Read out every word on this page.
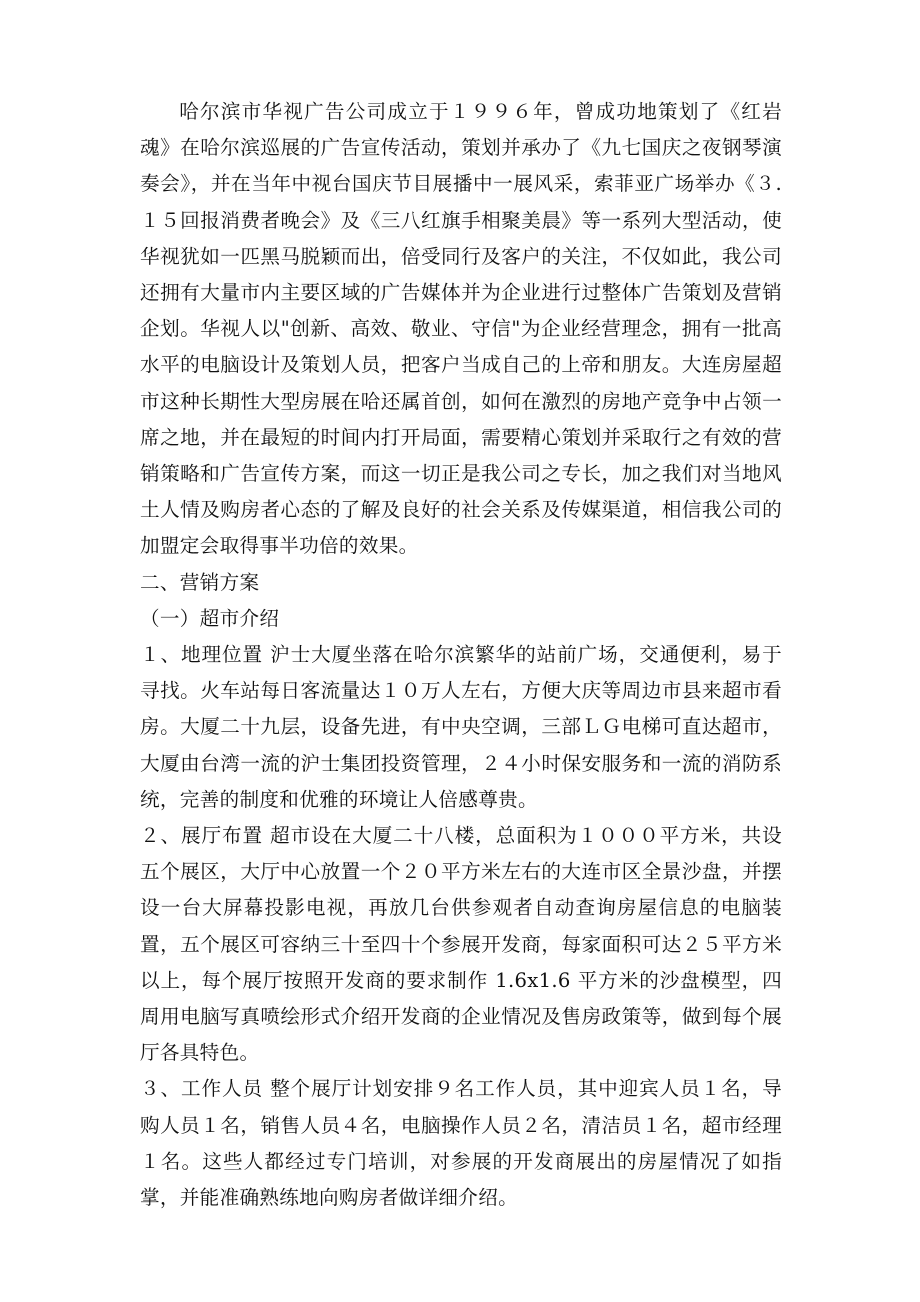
哈尔滨市华视广告公司成立于１９９６年，曾成功地策划了《红岩魂》在哈尔滨巡展的广告宣传活动，策划并承办了《九七国庆之夜钢琴演奏会》，并在当年中视台国庆节目展播中一展风采，索菲亚广场举办《３.１５回报消费者晚会》及《三八红旗手相聚美晨》等一系列大型活动，使华视犹如一匹黑马脱颖而出，倍受同行及客户的关注，不仅如此，我公司还拥有大量市内主要区域的广告媒体并为企业进行过整体广告策划及营销企划。华视人以"创新、高效、敬业、守信"为企业经营理念，拥有一批高水平的电脑设计及策划人员，把客户当成自己的上帝和朋友。大连房屋超市这种长期性大型房展在哈还属首创，如何在激烈的房地产竞争中占领一席之地，并在最短的时间内打开局面，需要精心策划并采取行之有效的营销策略和广告宣传方案，而这一切正是我公司之专长，加之我们对当地风土人情及购房者心态的了解及良好的社会关系及传媒渠道，相信我公司的加盟定会取得事半功倍的效果。

二、营销方案

（一）超市介绍

１、地理位置 沪士大厦坐落在哈尔滨繁华的站前广场，交通便利，易于寻找。火车站每日客流量达１０万人左右，方便大庆等周边市县来超市看房。大厦二十九层，设备先进，有中央空调，三部ＬＧ电梯可直达超市，大厦由台湾一流的沪士集团投资管理，２４小时保安服务和一流的消防系统，完善的制度和优雅的环境让人倍感尊贵。

２、展厅布置 超市设在大厦二十八楼，总面积为１０００平方米，共设五个展区，大厅中心放置一个２０平方米左右的大连市区全景沙盘，并摆设一台大屏幕投影电视，再放几台供参观者自动查询房屋信息的电脑装置，五个展区可容纳三十至四十个参展开发商，每家面积可达２５平方米以上，每个展厅按照开发商的要求制作 1.6x1.6 平方米的沙盘模型，四周用电脑写真喷绘形式介绍开发商的企业情况及售房政策等，做到每个展厅各具特色。

３、工作人员 整个展厅计划安排９名工作人员，其中迎宾人员１名，导购人员１名，销售人员４名，电脑操作人员２名，清洁员１名，超市经理１名。这些人都经过专门培训，对参展的开发商展出的房屋情况了如指掌，并能准确熟练地向购房者做详细介绍。
